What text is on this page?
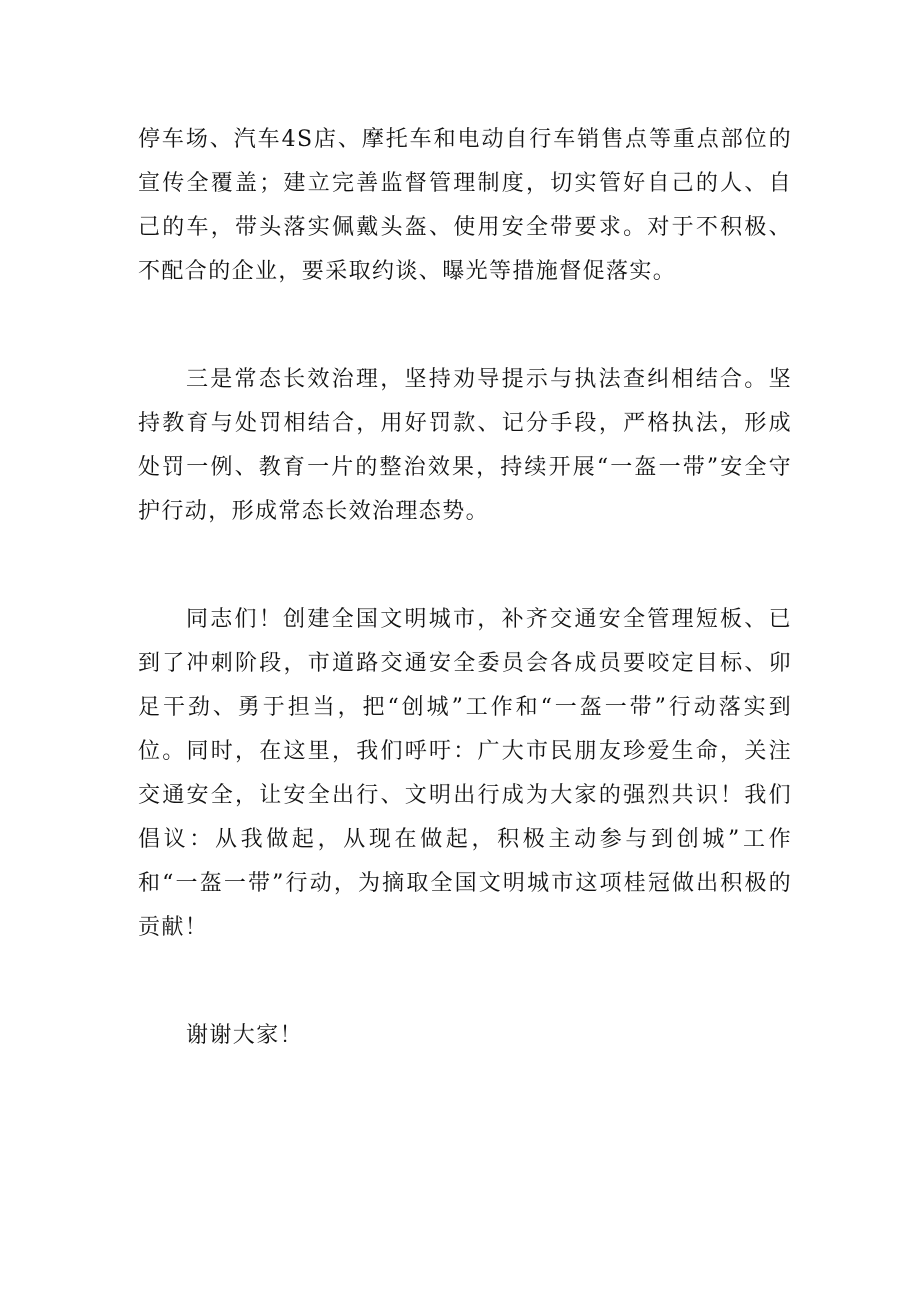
停车场、汽车4S店、摩托车和电动自行车销售点等重点部位的宣传全覆盖；建立完善监督管理制度，切实管好自己的人、自己的车，带头落实佩戴头盔、使用安全带要求。对于不积极、不配合的企业，要采取约谈、曝光等措施督促落实。

三是常态长效治理，坚持劝导提示与执法查纠相结合。坚持教育与处罚相结合，用好罚款、记分手段，严格执法，形成处罚一例、教育一片的整治效果，持续开展“一盔一带”安全守护行动，形成常态长效治理态势。

同志们！创建全国文明城市，补齐交通安全管理短板、已到了冲刺阶段，市道路交通安全委员会各成员要咬定目标、卯足干劲、勇于担当，把“创城”工作和“一盔一带”行动落实到位。同时，在这里，我们呼吁：广大市民朋友珍爱生命，关注交通安全，让安全出行、文明出行成为大家的强烈共识！我们倡议：从我做起，从现在做起，积极主动参与到创城”工作和“一盔一带”行动，为摘取全国文明城市这项桂冠做出积极的贡献！

谢谢大家！
